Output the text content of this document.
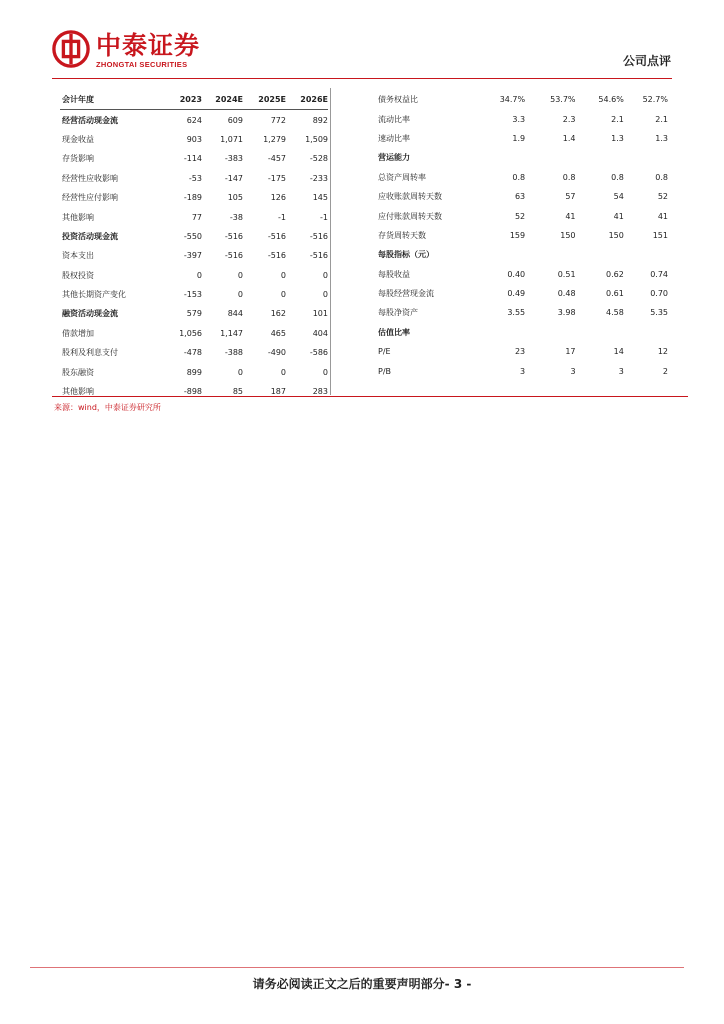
中泰证券
ZHONGTAI SECURITIES	公司点评
会计年度	2023	2024E	2025E	2026E
经营活动现金流	624	609	772	892
现金收益	903	1,071	1,279	1,509
存货影响	-114	-383	-457	-528
经营性应收影响	-53	-147	-175	-233
经营性应付影响	-189	105	126	145
其他影响	77	-38	-1	-1
投资活动现金流	-550	-516	-516	-516
资本支出	-397	-516	-516	-516
股权投资	0	0	0	0
其他长期资产变化	-153	0	0	0
融资活动现金流	579	844	162	101
借款增加	1,056	1,147	465	404
股利及利息支付	-478	-388	-490	-586
股东融资	899	0	0	0
其他影响	-898	85	187	283
债务权益比	34.7%	53.7%	54.6%	52.7%
流动比率	3.3	2.3	2.1	2.1
速动比率	1.9	1.4	1.3	1.3
营运能力				
总资产周转率	0.8	0.8	0.8	0.8
应收账款周转天数	63	57	54	52
应付账款周转天数	52	41	41	41
存货周转天数	159	150	150	151
每股指标（元）				
每股收益	0.40	0.51	0.62	0.74
每股经营现金流	0.49	0.48	0.61	0.70
每股净资产	3.55	3.98	4.58	5.35
估值比率				
P/E	23	17	14	12
P/B	3	3	3	2
来源：wind，中泰证券研究所
请务必阅读正文之后的重要声明部分- 3 -
